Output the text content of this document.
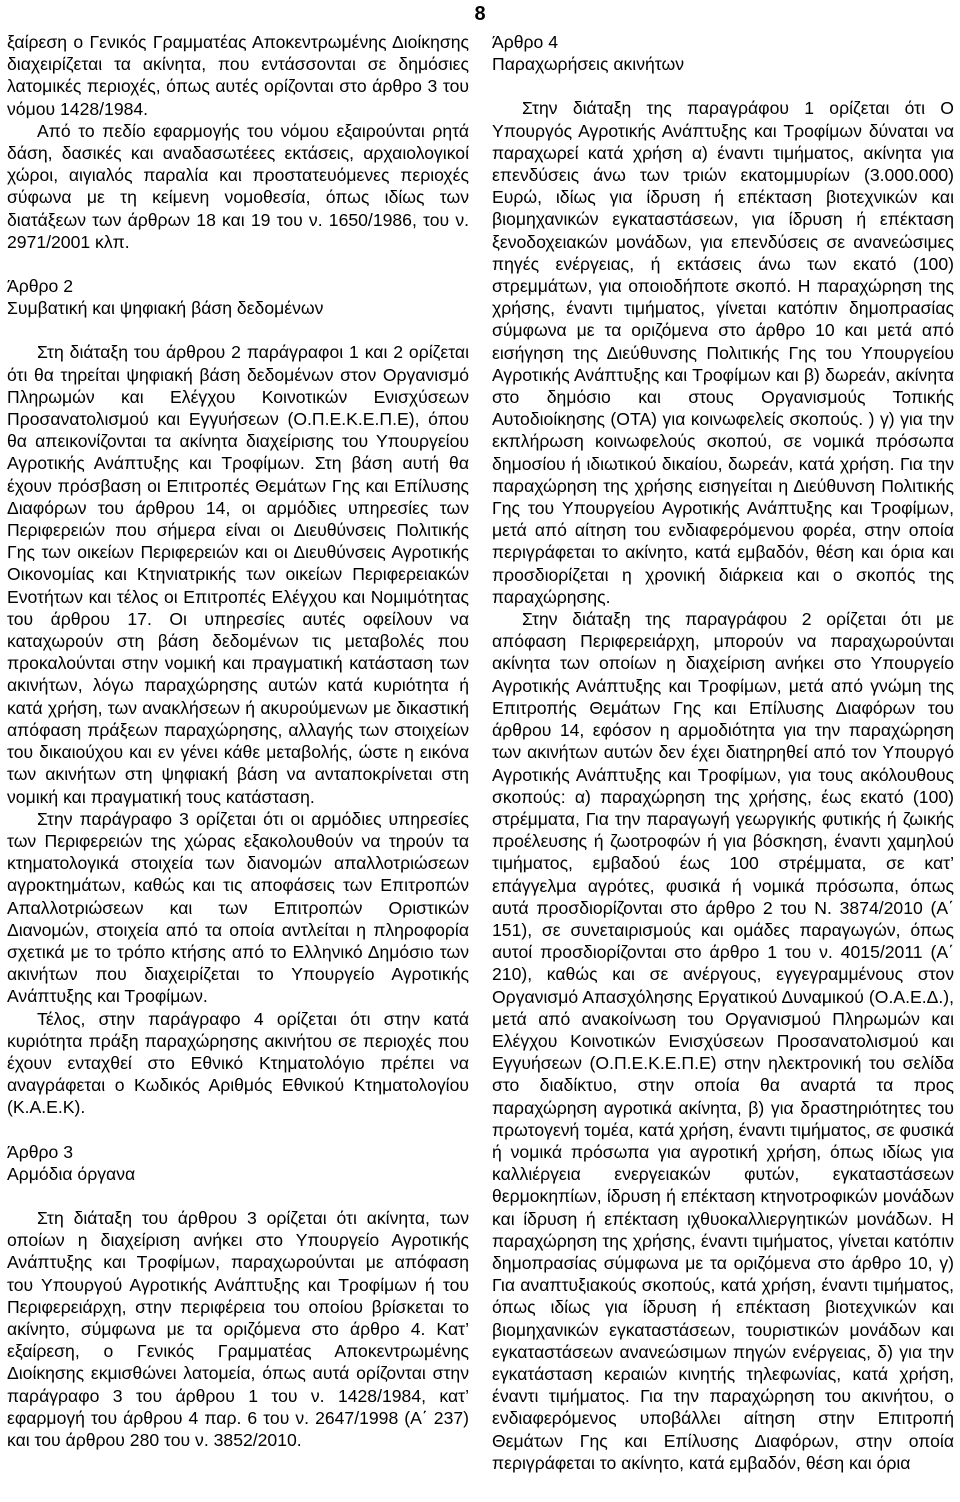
8

ξαίρεση ο Γενικός Γραμματέας Αποκεντρωμένης Διοίκησης διαχειρίζεται τα ακίνητα, που εντάσσονται σε δημόσιες λατομικές περιοχές, όπως αυτές ορίζονται στο άρθρο 3 του νόμου 1428/1984.

Από το πεδίο εφαρμογής του νόμου εξαιρούνται ρητά δάση, δασικές και αναδασωτέεες εκτάσεις, αρχαιολογικοί χώροι, αιγιαλός παραλία και προστατευόμενες περιοχές σύφωνα με τη κείμενη νομοθεσία, όπως ιδίως των διατάξεων των άρθρων 18 και 19 του ν. 1650/1986, του ν. 2971/2001 κλπ.

Άρθρο 2

Συμβατική και ψηφιακή βάση δεδομένων

Στη διάταξη του άρθρου 2 παράγραφοι 1 και 2 ορίζεται ότι θα τηρείται ψηφιακή βάση δεδομένων στον Οργανισμό Πληρωμών και Ελέγχου Κοινοτικών Ενισχύσεων Προσανατολισμού και Εγγυήσεων (Ο.Π.Ε.Κ.Ε.Π.Ε), όπου θα απεικονίζονται τα ακίνητα διαχείρισης του Υπουργείου Αγροτικής Ανάπτυξης και Τροφίμων. Στη βάση αυτή θα έχουν πρόσβαση οι Επιτροπές Θεμάτων Γης και Επίλυσης Διαφόρων του άρθρου 14, οι αρμόδιες υπηρεσίες των Περιφερειών που σήμερα είναι οι Διευθύνσεις Πολιτικής Γης των οικείων Περιφερειών και οι Διευθύνσεις Αγροτικής Οικονομίας και Κτηνιατρικής των οικείων Περιφερειακών Ενοτήτων και τέλος οι Επιτροπές Ελέγχου και Νομιμότητας του άρθρου 17. Οι υπηρεσίες αυτές οφείλουν να καταχωρούν στη βάση δεδομένων τις μεταβολές που προκαλούνται στην νομική και πραγματική κατάσταση των ακινήτων, λόγω παραχώρησης αυτών κατά κυριότητα ή κατά χρήση, των ανακλήσεων ή ακυρούμενων με δικαστική απόφαση πράξεων παραχώρησης, αλλαγής των στοιχείων του δικαιούχου και εν γένει κάθε μεταβολής, ώστε η εικόνα των ακινήτων στη ψηφιακή βάση να ανταποκρίνεται στη νομική και πραγματική τους κατάσταση.

Στην παράγραφο 3 ορίζεται ότι οι αρμόδιες υπηρεσίες των Περιφερειών της χώρας εξακολουθούν να τηρούν τα κτηματολογικά στοιχεία των διανομών απαλλοτριώσεων αγροκτημάτων, καθώς και τις αποφάσεις των Επιτροπών Απαλλοτριώσεων και των Επιτροπών Οριστικών Διανομών, στοιχεία από τα οποία αντλείται η πληροφορία σχετικά με το τρόπο κτήσης από το Ελληνικό Δημόσιο των ακινήτων που διαχειρίζεται το Υπουργείο Αγροτικής Ανάπτυξης και Τροφίμων.

Τέλος, στην παράγραφο 4 ορίζεται ότι στην κατά κυριότητα πράξη παραχώρησης ακινήτου σε περιοχές που έχουν ενταχθεί στο Εθνικό Κτηματολόγιο πρέπει να αναγράφεται ο Κωδικός Αριθμός Εθνικού Κτηματολογίου (Κ.Α.Ε.Κ).

Άρθρο 3

Αρμόδια όργανα

Στη διάταξη του άρθρου 3 ορίζεται ότι ακίνητα, των οποίων η διαχείριση ανήκει στο Υπουργείο Αγροτικής Ανάπτυξης και Τροφίμων, παραχωρούνται με απόφαση του Υπουργού Αγροτικής Ανάπτυξης και Τροφίμων ή του Περιφερειάρχη, στην περιφέρεια του οποίου βρίσκεται το ακίνητο, σύμφωνα με τα οριζόμενα στο άρθρο 4. Κατ’ εξαίρεση, ο Γενικός Γραμματέας Αποκεντρωμένης Διοίκησης εκμισθώνει λατομεία, όπως αυτά ορίζονται στην παράγραφο 3 του άρθρου 1 του ν. 1428/1984, κατ’ εφαρμογή του άρθρου 4 παρ. 6 του ν. 2647/1998 (Α΄ 237) και του άρθρου 280 του ν. 3852/2010.

Άρθρο 4

Παραχωρήσεις ακινήτων

Στην διάταξη της παραγράφου 1 ορίζεται ότι Ο Υπουργός Αγροτικής Ανάπτυξης και Τροφίμων δύναται να παραχωρεί κατά χρήση α) έναντι τιμήματος, ακίνητα για επενδύσεις άνω των τριών εκατομμυρίων (3.000.000) Ευρώ, ιδίως για ίδρυση ή επέκταση βιοτεχνικών και βιομηχανικών εγκαταστάσεων, για ίδρυση ή επέκταση ξενοδοχειακών μονάδων, για επενδύσεις σε ανανεώσιμες πηγές ενέργειας, ή εκτάσεις άνω των εκατό (100) στρεμμάτων, για οποιοδήποτε σκοπό. Η παραχώρηση της χρήσης, έναντι τιμήματος, γίνεται κατόπιν δημοπρασίας σύμφωνα με τα οριζόμενα στο άρθρο 10 και μετά από εισήγηση της Διεύθυνσης Πολιτικής Γης του Υπουργείου Αγροτικής Ανάπτυξης και Τροφίμων και β) δωρεάν, ακίνητα στο δημόσιο και στους Οργανισμούς Τοπικής Αυτοδιοίκησης (ΟΤΑ) για κοινωφελείς σκοπούς. ) γ) για την εκπλήρωση κοινωφελούς σκοπού, σε νομικά πρόσωπα δημοσίου ή ιδιωτικού δικαίου, δωρεάν, κατά χρήση. Για την παραχώρηση της χρήσης εισηγείται η Διεύθυνση Πολιτικής Γης του Υπουργείου Αγροτικής Ανάπτυξης και Τροφίμων, μετά από αίτηση του ενδιαφερόμενου φορέα, στην οποία περιγράφεται το ακίνητο, κατά εμβαδόν, θέση και όρια και προσδιορίζεται η χρονική διάρκεια και ο σκοπός της παραχώρησης.

Στην διάταξη της παραγράφου 2 ορίζεται ότι με απόφαση Περιφερειάρχη, μπορούν να παραχωρούνται ακίνητα των οποίων η διαχείριση ανήκει στο Υπουργείο Αγροτικής Ανάπτυξης και Τροφίμων, μετά από γνώμη της Επιτροπής Θεμάτων Γης και Επίλυσης Διαφόρων του άρθρου 14, εφόσον η αρμοδιότητα για την παραχώρηση των ακινήτων αυτών δεν έχει διατηρηθεί από τον Υπουργό Αγροτικής Ανάπτυξης και Τροφίμων, για τους ακόλουθους σκοπούς: α) παραχώρηση της χρήσης, έως εκατό (100) στρέμματα, Για την παραγωγή γεωργικής φυτικής ή ζωικής προέλευσης ή ζωοτροφών ή για βόσκηση, έναντι χαμηλού τιμήματος, εμβαδού έως 100 στρέμματα, σε κατ’ επάγγελμα αγρότες, φυσικά ή νομικά πρόσωπα, όπως αυτά προσδιορίζονται στο άρθρο 2 του Ν. 3874/2010 (Α΄ 151), σε συνεταιρισμούς και ομάδες παραγωγών, όπως αυτοί προσδιορίζονται στο άρθρο 1 του ν. 4015/2011 (Α΄ 210), καθώς και σε ανέργους, εγγεγραμμένους στον Οργανισμό Απασχόλησης Εργατικού Δυναμικού (Ο.Α.Ε.Δ.), μετά από ανακοίνωση του Οργανισμού Πληρωμών και Ελέγχου Κοινοτικών Ενισχύσεων Προσανατολισμού και Εγγυήσεων (Ο.Π.Ε.Κ.Ε.Π.Ε) στην ηλεκτρονική του σελίδα στο διαδίκτυο, στην οποία θα αναρτά τα προς παραχώρηση αγροτικά ακίνητα, β) για δραστηριότητες του πρωτογενή τομέα, κατά χρήση, έναντι τιμήματος, σε φυσικά ή νομικά πρόσωπα για αγροτική χρήση, όπως ιδίως για καλλιέργεια ενεργειακών φυτών, εγκαταστάσεων θερμοκηπίων, ίδρυση ή επέκταση κτηνοτροφικών μονάδων και ίδρυση ή επέκταση ιχθυοκαλλιεργητικών μονάδων. Η παραχώρηση της χρήσης, έναντι τιμήματος, γίνεται κατόπιν δημοπρασίας σύμφωνα με τα οριζόμενα στο άρθρο 10, γ) Για αναπτυξιακούς σκοπούς, κατά χρήση, έναντι τιμήματος, όπως ιδίως για ίδρυση ή επέκταση βιοτεχνικών και βιομηχανικών εγκαταστάσεων, τουριστικών μονάδων και εγκαταστάσεων ανανεώσιμων πηγών ενέργειας, δ) για την εγκατάσταση κεραιών κινητής τηλεφωνίας, κατά χρήση, έναντι τιμήματος. Για την παραχώρηση του ακινήτου, ο ενδιαφερόμενος υποβάλλει αίτηση στην Επιτροπή Θεμάτων Γης και Επίλυσης Διαφόρων, στην οποία περιγράφεται το ακίνητο, κατά εμβαδόν, θέση και όρια
